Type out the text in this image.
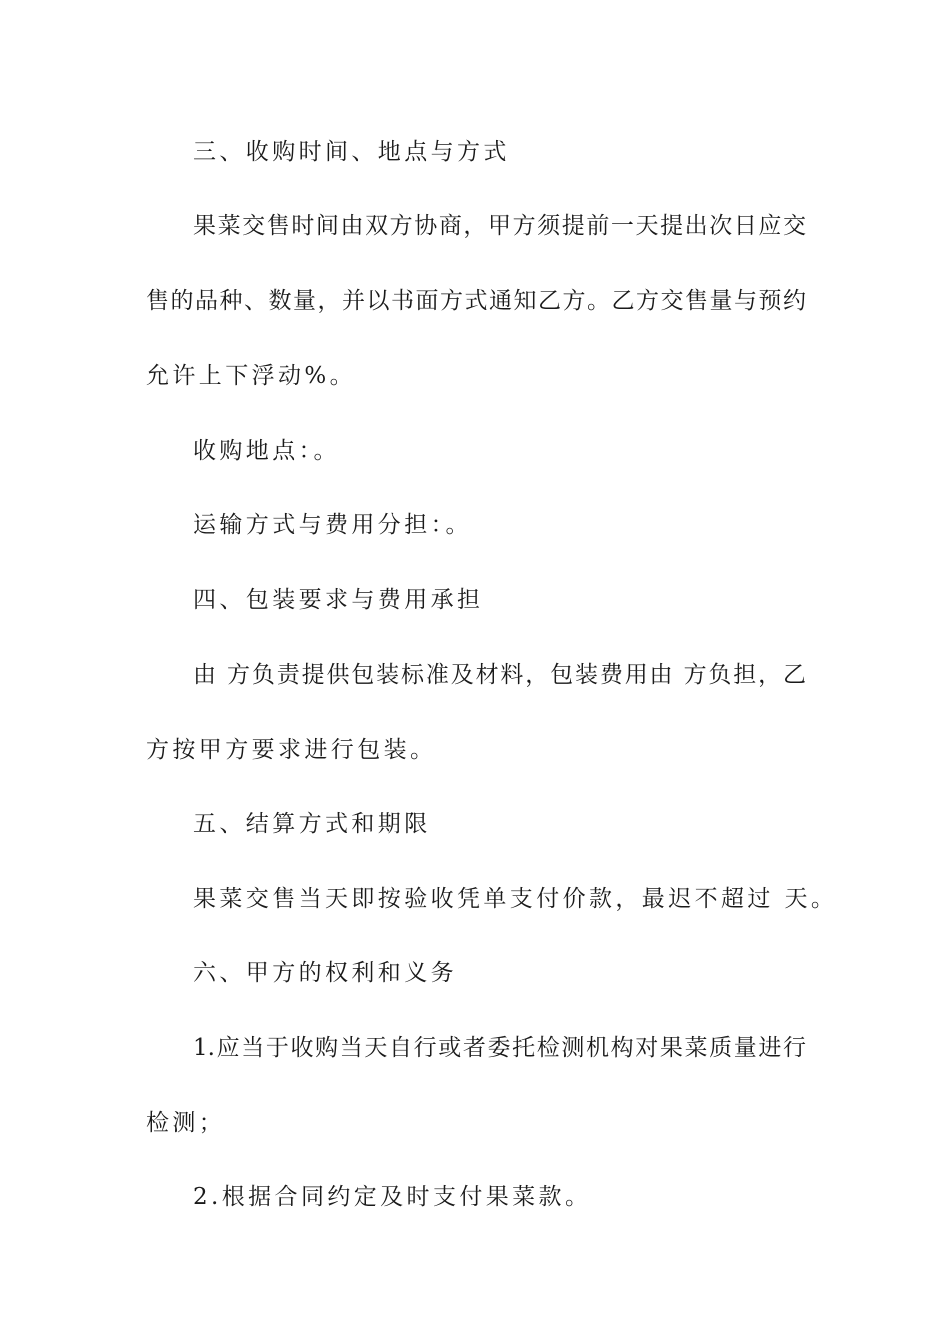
三、收购时间、地点与方式
果菜交售时间由双方协商，甲方须提前一天提出次日应交
售的品种、数量，并以书面方式通知乙方。乙方交售量与预约
允许上下浮动%。
收购地点：。
运输方式与费用分担：。
四、包装要求与费用承担
由 方负责提供包装标准及材料，包装费用由 方负担，乙
方按甲方要求进行包装。
五、结算方式和期限
果菜交售当天即按验收凭单支付价款，最迟不超过 天。
六、甲方的权利和义务
1.应当于收购当天自行或者委托检测机构对果菜质量进行
检测；
2.根据合同约定及时支付果菜款。
